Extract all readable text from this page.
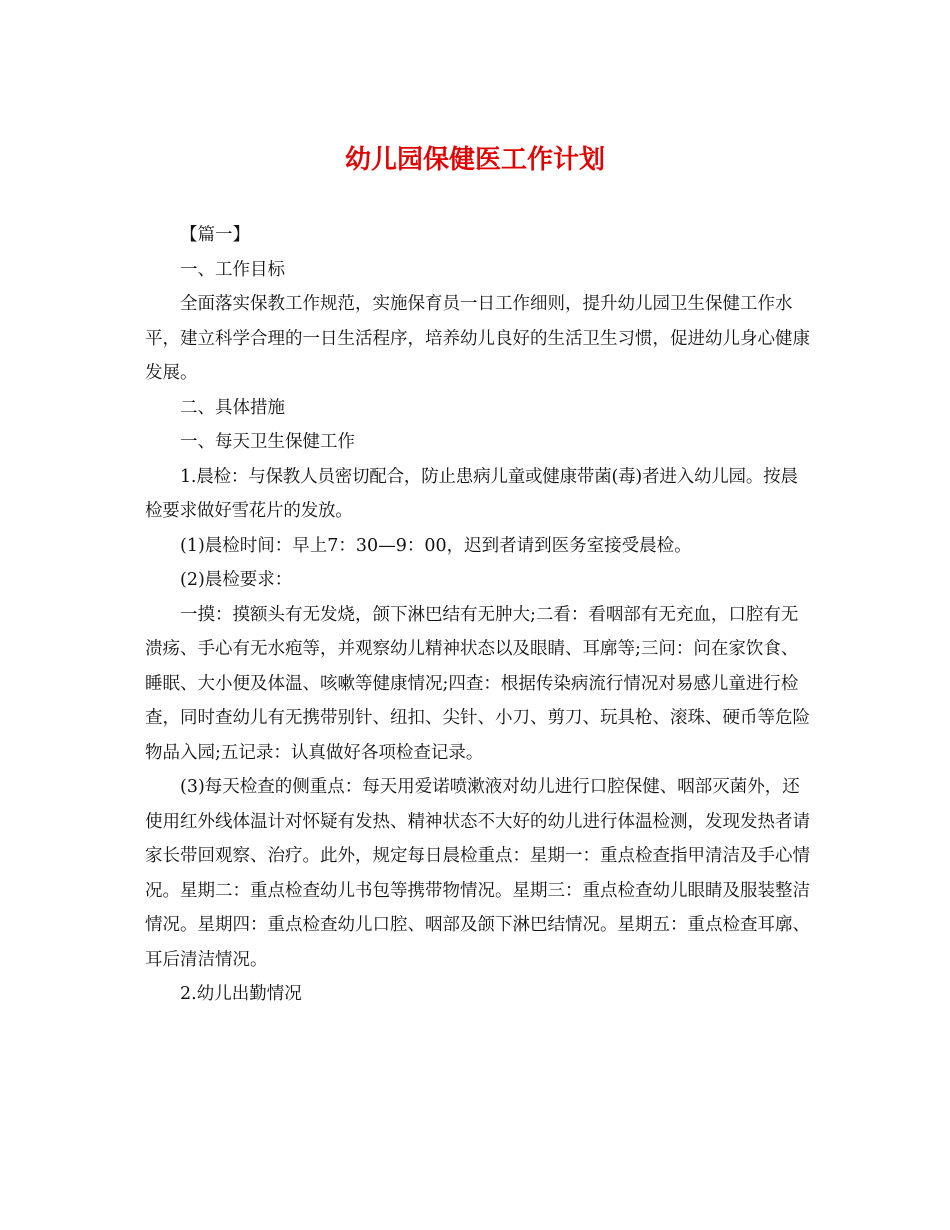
幼儿园保健医工作计划

【篇一】

一、工作目标

全面落实保教工作规范，实施保育员一日工作细则，提升幼儿园卫生保健工作水平，建立科学合理的一日生活程序，培养幼儿良好的生活卫生习惯，促进幼儿身心健康发展。

二、具体措施

一、每天卫生保健工作

1.晨检：与保教人员密切配合，防止患病儿童或健康带菌(毒)者进入幼儿园。按晨检要求做好雪花片的发放。

(1)晨检时间：早上7：30—9：00，迟到者请到医务室接受晨检。

(2)晨检要求：

一摸：摸额头有无发烧，颌下淋巴结有无肿大;二看：看咽部有无充血，口腔有无溃疡、手心有无水疱等，并观察幼儿精神状态以及眼睛、耳廓等;三问：问在家饮食、睡眠、大小便及体温、咳嗽等健康情况;四查：根据传染病流行情况对易感儿童进行检查，同时查幼儿有无携带别针、纽扣、尖针、小刀、剪刀、玩具枪、滚珠、硬币等危险物品入园;五记录：认真做好各项检查记录。

(3)每天检查的侧重点：每天用爱诺喷漱液对幼儿进行口腔保健、咽部灭菌外，还使用红外线体温计对怀疑有发热、精神状态不大好的幼儿进行体温检测，发现发热者请家长带回观察、治疗。此外，规定每日晨检重点：星期一：重点检查指甲清洁及手心情况。星期二：重点检查幼儿书包等携带物情况。星期三：重点检查幼儿眼睛及服装整洁情况。星期四：重点检查幼儿口腔、咽部及颌下淋巴结情况。星期五：重点检查耳廓、耳后清洁情况。

2.幼儿出勤情况
